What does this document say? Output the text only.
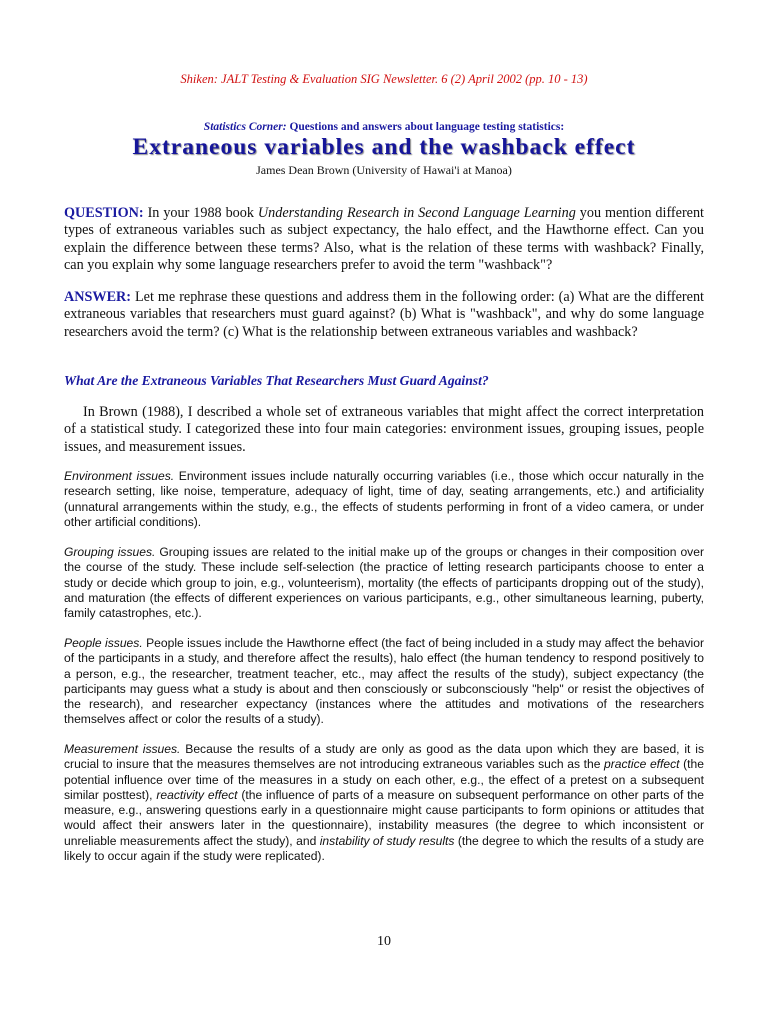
Shiken: JALT Testing & Evaluation SIG Newsletter. 6 (2) April 2002 (pp. 10 - 13)
Statistics Corner: Questions and answers about language testing statistics:
Extraneous variables and the washback effect
James Dean Brown (University of Hawai'i at Manoa)
QUESTION: In your 1988 book Understanding Research in Second Language Learning you mention different types of extraneous variables such as subject expectancy, the halo effect, and the Hawthorne effect. Can you explain the difference between these terms? Also, what is the relation of these terms with washback? Finally, can you explain why some language researchers prefer to avoid the term "washback"?
ANSWER: Let me rephrase these questions and address them in the following order: (a) What are the different extraneous variables that researchers must guard against? (b) What is "washback", and why do some language researchers avoid the term? (c) What is the relationship between extraneous variables and washback?
What Are the Extraneous Variables That Researchers Must Guard Against?
In Brown (1988), I described a whole set of extraneous variables that might affect the correct interpretation of a statistical study. I categorized these into four main categories: environment issues, grouping issues, people issues, and measurement issues.
Environment issues. Environment issues include naturally occurring variables (i.e., those which occur naturally in the research setting, like noise, temperature, adequacy of light, time of day, seating arrangements, etc.) and artificiality (unnatural arrangements within the study, e.g., the effects of students performing in front of a video camera, or under other artificial conditions).
Grouping issues. Grouping issues are related to the initial make up of the groups or changes in their composition over the course of the study. These include self-selection (the practice of letting research participants choose to enter a study or decide which group to join, e.g., volunteerism), mortality (the effects of participants dropping out of the study), and maturation (the effects of different experiences on various participants, e.g., other simultaneous learning, puberty, family catastrophes, etc.).
People issues. People issues include the Hawthorne effect (the fact of being included in a study may affect the behavior of the participants in a study, and therefore affect the results), halo effect (the human tendency to respond positively to a person, e.g., the researcher, treatment teacher, etc., may affect the results of the study), subject expectancy (the participants may guess what a study is about and then consciously or subconsciously "help" or resist the objectives of the research), and researcher expectancy (instances where the attitudes and motivations of the researchers themselves affect or color the results of a study).
Measurement issues. Because the results of a study are only as good as the data upon which they are based, it is crucial to insure that the measures themselves are not introducing extraneous variables such as the practice effect (the potential influence over time of the measures in a study on each other, e.g., the effect of a pretest on a subsequent similar posttest), reactivity effect (the influence of parts of a measure on subsequent performance on other parts of the measure, e.g., answering questions early in a questionnaire might cause participants to form opinions or attitudes that would affect their answers later in the questionnaire), instability measures (the degree to which inconsistent or unreliable measurements affect the study), and instability of study results (the degree to which the results of a study are likely to occur again if the study were replicated).
10
